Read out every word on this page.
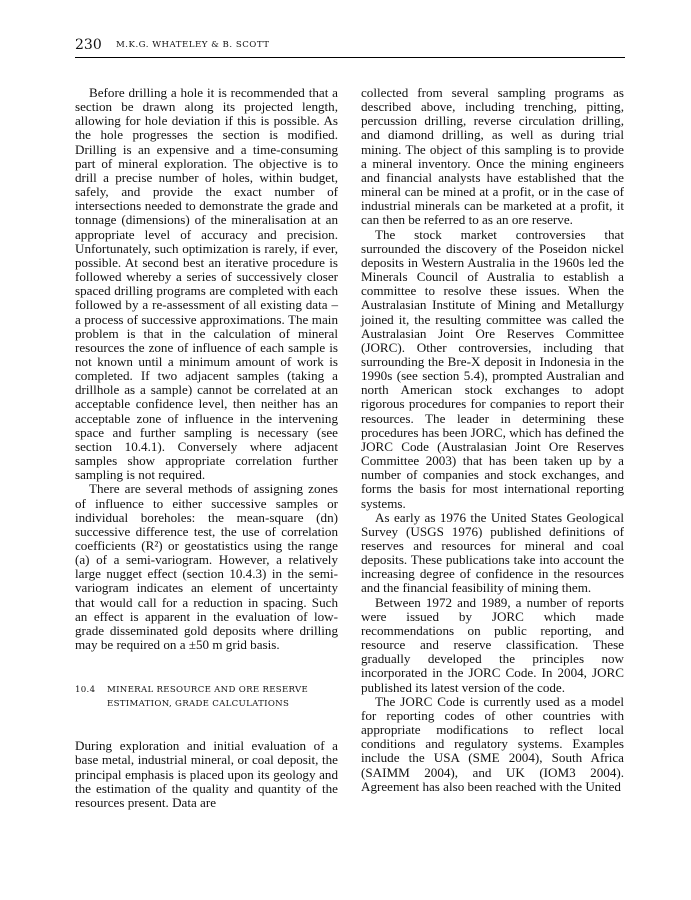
230 M.K.G. WHATELEY & B. SCOTT

Before drilling a hole it is recommended that a section be drawn along its projected length, allowing for hole deviation if this is possible. As the hole progresses the section is modified. Drilling is an expensive and a time-consuming part of mineral exploration. The objective is to drill a precise number of holes, within budget, safely, and provide the exact number of intersections needed to demonstrate the grade and tonnage (dimensions) of the mineralisation at an appropriate level of accuracy and precision. Unfortunately, such optimization is rarely, if ever, possible. At second best an iterative procedure is followed whereby a series of successively closer spaced drilling programs are completed with each followed by a re-assessment of all existing data – a process of successive approximations. The main problem is that in the calculation of mineral resources the zone of influence of each sample is not known until a minimum amount of work is completed. If two adjacent samples (taking a drillhole as a sample) cannot be correlated at an acceptable confidence level, then neither has an acceptable zone of influence in the intervening space and further sampling is necessary (see section 10.4.1). Conversely where adjacent samples show appropriate correlation further sampling is not required.

There are several methods of assigning zones of influence to either successive samples or individual boreholes: the mean-square (dn) successive difference test, the use of correlation coefficients (R²) or geostatistics using the range (a) of a semi-variogram. However, a relatively large nugget effect (section 10.4.3) in the semi-variogram indicates an element of uncertainty that would call for a reduction in spacing. Such an effect is apparent in the evaluation of low-grade disseminated gold deposits where drilling may be required on a ±50 m grid basis.

10.4 MINERAL RESOURCE AND ORE RESERVE
ESTIMATION, GRADE CALCULATIONS

During exploration and initial evaluation of a base metal, industrial mineral, or coal deposit, the principal emphasis is placed upon its geology and the estimation of the quality and quantity of the resources present. Data are

collected from several sampling programs as described above, including trenching, pitting, percussion drilling, reverse circulation drilling, and diamond drilling, as well as during trial mining. The object of this sampling is to provide a mineral inventory. Once the mining engineers and financial analysts have established that the mineral can be mined at a profit, or in the case of industrial minerals can be marketed at a profit, it can then be referred to as an ore reserve.

The stock market controversies that surrounded the discovery of the Poseidon nickel deposits in Western Australia in the 1960s led the Minerals Council of Australia to establish a committee to resolve these issues. When the Australasian Institute of Mining and Metallurgy joined it, the resulting committee was called the Australasian Joint Ore Reserves Committee (JORC). Other controversies, including that surrounding the Bre-X deposit in Indonesia in the 1990s (see section 5.4), prompted Australian and north American stock exchanges to adopt rigorous procedures for companies to report their resources. The leader in determining these procedures has been JORC, which has defined the JORC Code (Australasian Joint Ore Reserves Committee 2003) that has been taken up by a number of companies and stock exchanges, and forms the basis for most international reporting systems.

As early as 1976 the United States Geological Survey (USGS 1976) published definitions of reserves and resources for mineral and coal deposits. These publications take into account the increasing degree of confidence in the resources and the financial feasibility of mining them.

Between 1972 and 1989, a number of reports were issued by JORC which made recommendations on public reporting, and resource and reserve classification. These gradually developed the principles now incorporated in the JORC Code. In 2004, JORC published its latest version of the code.

The JORC Code is currently used as a model for reporting codes of other countries with appropriate modifications to reflect local conditions and regulatory systems. Examples include the USA (SME 2004), South Africa (SAIMM 2004), and UK (IOM3 2004). Agreement has also been reached with the United
